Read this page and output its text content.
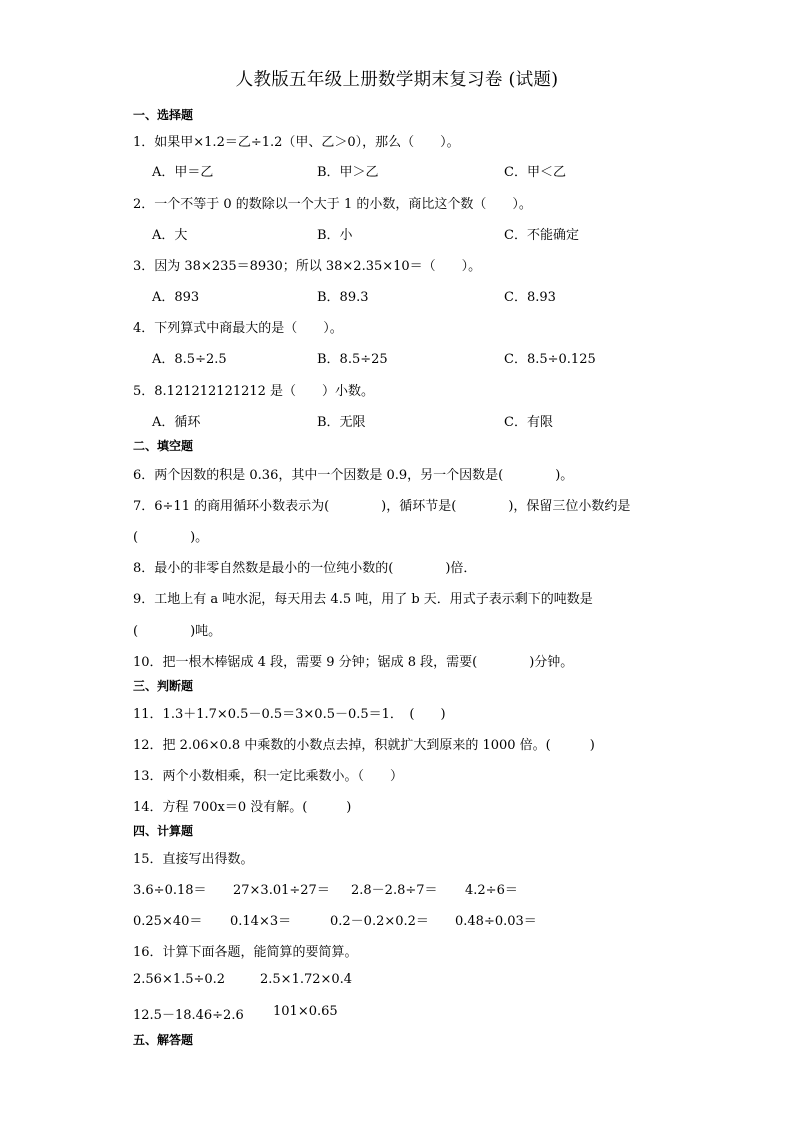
人教版五年级上册数学期末复习卷 (试题)
一、选择题
1．如果甲×1.2＝乙÷1.2（甲、乙＞0），那么（　　）。
A．甲＝乙	B．甲＞乙	C．甲＜乙
2．一个不等于 0 的数除以一个大于 1 的小数，商比这个数（　　）。
A．大	B．小	C．不能确定
3．因为 38×235＝8930；所以 38×2.35×10＝（　　）。
A．893	B．89.3	C．8.93
4．下列算式中商最大的是（　　）。
A．8.5÷2.5	B．8.5÷25	C．8.5÷0.125
5．8.121212121212 是（　　）小数。
A．循环	B．无限	C．有限
二、填空题
6．两个因数的积是 0.36，其中一个因数是 0.9，另一个因数是(　　　　)。
7．6÷11 的商用循环小数表示为(　　　　)，循环节是(　　　　)，保留三位小数约是
(　　　　)。
8．最小的非零自然数是最小的一位纯小数的(　　　　)倍．
9．工地上有 a 吨水泥，每天用去 4.5 吨，用了 b 天．用式子表示剩下的吨数是
(　　　　)吨。
10．把一根木棒锯成 4 段，需要 9 分钟；锯成 8 段，需要(　　　　)分钟。
三、判断题
11．1.3＋1.7×0.5－0.5＝3×0.5－0.5＝1．　(　　)
12．把 2.06×0.8 中乘数的小数点去掉，积就扩大到原来的 1000 倍。(　　　)
13．两个小数相乘，积一定比乘数小。（　　）
14．方程 700x＝0 没有解。(　　　)
四、计算题
15．直接写出得数。
3.6÷0.18＝ 27×3.01÷27＝ 2.8－2.8÷7＝ 4.2÷6＝
0.25×40＝ 0.14×3＝	0.2－0.2×0.2＝ 0.48÷0.03＝
16．计算下面各题，能简算的要简算。
2.56×1.5÷0.2	2.5×1.72×0.4
12.5－18.46÷2.6 101×0.65
五、解答题
